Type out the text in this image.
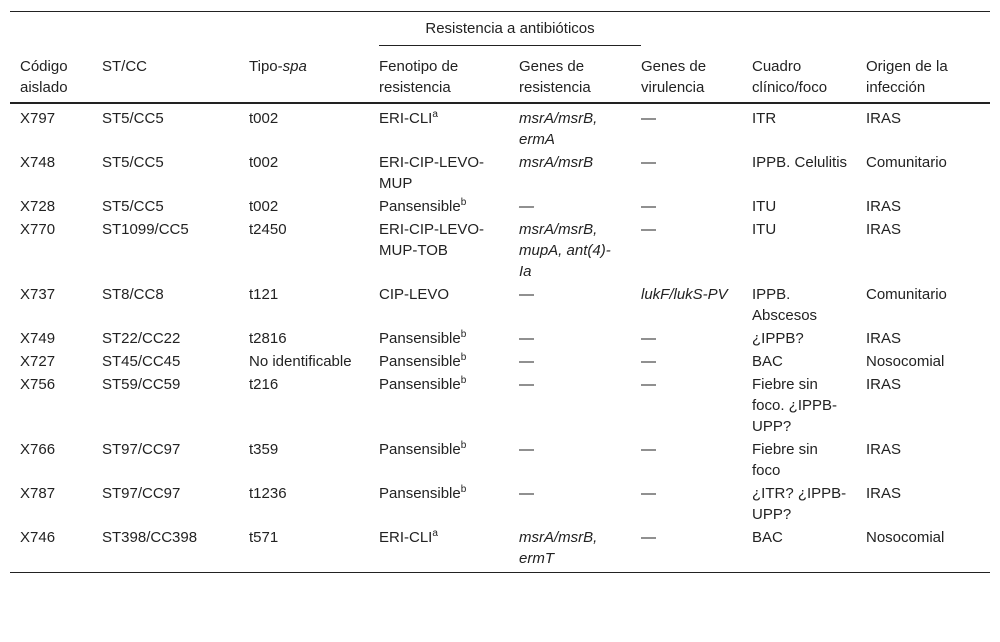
			Resistencia a antibióticos				
Código aislado	ST/CC	Tipo-spa	Fenotipo de resistencia	Genes de resistencia	Genes de virulencia	Cuadro clínico/foco	Origen de la infección
X797	ST5/CC5	t002	ERI-CLI$^a$	msrA/msrB, ermA	—	ITR	IRAS
X748	ST5/CC5	t002	ERI-CIP-LEVO-MUP	msrA/msrB	—	IPPB. Celulitis	Comunitario
X728	ST5/CC5	t002	Pansensible$^b$	—	—	ITU	IRAS
X770	ST1099/CC5	t2450	ERI-CIP-LEVO-MUP-TOB	msrA/msrB, mupA, ant(4)-Ia	—	ITU	IRAS
X737	ST8/CC8	t121	CIP-LEVO	—	lukF/lukS-PV	IPPB. Abscesos	Comunitario
X749	ST22/CC22	t2816	Pansensible$^b$	—	—	¿IPPB?	IRAS
X727	ST45/CC45	No identificable	Pansensible$^b$	—	—	BAC	Nosocomial
X756	ST59/CC59	t216	Pansensible$^b$	—	—	Fiebre sin foco. ¿IPPB-UPP?	IRAS
X766	ST97/CC97	t359	Pansensible$^b$	—	—	Fiebre sin foco	IRAS
X787	ST97/CC97	t1236	Pansensible$^b$	—	—	¿ITR? ¿IPPB-UPP?	IRAS
X746	ST398/CC398	t571	ERI-CLI$^a$	msrA/msrB, ermT	—	BAC	Nosocomial
